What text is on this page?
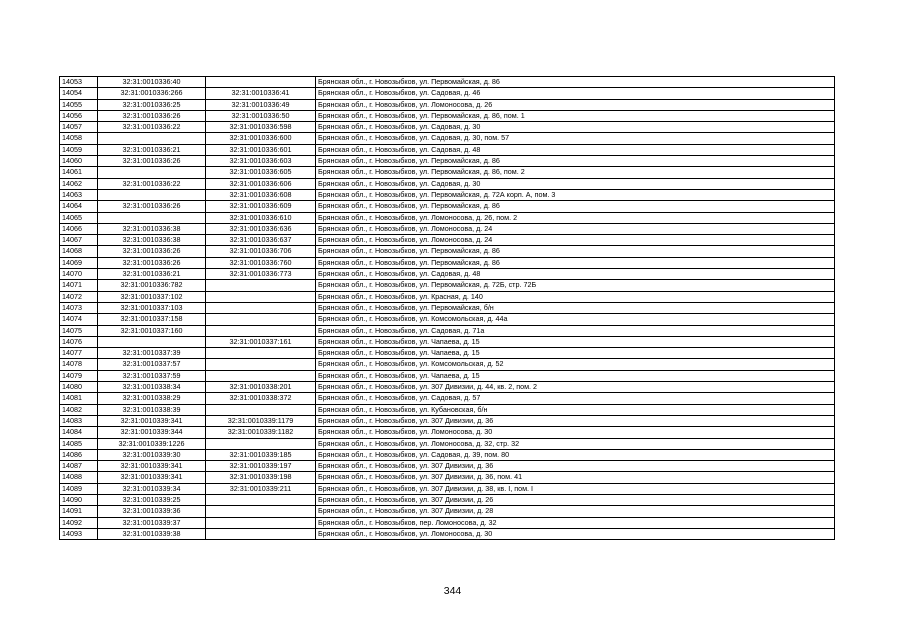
14053	32:31:0010336:40		Брянская обл., г. Новозыбков, ул. Первомайская, д. 86
14054	32:31:0010336:266	32:31:0010336:41	Брянская обл., г. Новозыбков, ул. Садовая, д. 46
14055	32:31:0010336:25	32:31:0010336:49	Брянская обл., г. Новозыбков, ул. Ломоносова, д. 26
14056	32:31:0010336:26	32:31:0010336:50	Брянская обл., г. Новозыбков, ул. Первомайская, д. 86, пом. 1
14057	32:31:0010336:22	32:31:0010336:598	Брянская обл., г. Новозыбков, ул. Садовая, д. 30
14058		32:31:0010336:600	Брянская обл., г. Новозыбков, ул. Садовая, д. 30, пом. 57
14059	32:31:0010336:21	32:31:0010336:601	Брянская обл., г. Новозыбков, ул. Садовая, д. 48
14060	32:31:0010336:26	32:31:0010336:603	Брянская обл., г. Новозыбков, ул. Первомайская, д. 86
14061		32:31:0010336:605	Брянская обл., г. Новозыбков, ул. Первомайская, д. 86, пом. 2
14062	32:31:0010336:22	32:31:0010336:606	Брянская обл., г. Новозыбков, ул. Садовая, д. 30
14063		32:31:0010336:608	Брянская обл., г. Новозыбков, ул. Первомайская, д. 72А корп. А, пом. 3
14064	32:31:0010336:26	32:31:0010336:609	Брянская обл., г. Новозыбков, ул. Первомайская, д. 86
14065		32:31:0010336:610	Брянская обл., г. Новозыбков, ул. Ломоносова, д. 26, пом. 2
14066	32:31:0010336:38	32:31:0010336:636	Брянская обл., г. Новозыбков, ул. Ломоносова, д. 24
14067	32:31:0010336:38	32:31:0010336:637	Брянская обл., г. Новозыбков, ул. Ломоносова, д. 24
14068	32:31:0010336:26	32:31:0010336:706	Брянская обл., г. Новозыбков, ул. Первомайская, д. 86
14069	32:31:0010336:26	32:31:0010336:760	Брянская обл., г. Новозыбков, ул. Первомайская, д. 86
14070	32:31:0010336:21	32:31:0010336:773	Брянская обл., г. Новозыбков, ул. Садовая, д. 48
14071	32:31:0010336:782		Брянская обл., г. Новозыбков, ул. Первомайская, д. 72Б, стр. 72Б
14072	32:31:0010337:102		Брянская обл., г. Новозыбков, ул. Красная, д. 140
14073	32:31:0010337:103		Брянская обл., г. Новозыбков, ул. Первомайская, б/н
14074	32:31:0010337:158		Брянская обл., г. Новозыбков, ул. Комсомольская, д. 44а
14075	32:31:0010337:160		Брянская обл., г. Новозыбков, ул. Садовая, д. 71а
14076		32:31:0010337:161	Брянская обл., г. Новозыбков, ул. Чапаева, д. 15
14077	32:31:0010337:39		Брянская обл., г. Новозыбков, ул. Чапаева, д. 15
14078	32:31:0010337:57		Брянская обл., г. Новозыбков, ул. Комсомольская, д. 52
14079	32:31:0010337:59		Брянская обл., г. Новозыбков, ул. Чапаева, д. 15
14080	32:31:0010338:34	32:31:0010338:201	Брянская обл., г. Новозыбков, ул. 307 Дивизии, д. 44, кв. 2, пом. 2
14081	32:31:0010338:29	32:31:0010338:372	Брянская обл., г. Новозыбков, ул. Садовая, д. 57
14082	32:31:0010338:39		Брянская обл., г. Новозыбков, ул. Кубановская, б/н
14083	32:31:0010339:341	32:31:0010339:1179	Брянская обл., г. Новозыбков, ул. 307 Дивизии, д. 36
14084	32:31:0010339:344	32:31:0010339:1182	Брянская обл., г. Новозыбков, ул. Ломоносова, д. 30
14085	32:31:0010339:1226		Брянская обл., г. Новозыбков, ул. Ломоносова, д. 32, стр. 32
14086	32:31:0010339:30	32:31:0010339:185	Брянская обл., г. Новозыбков, ул. Садовая, д. 39, пом. 80
14087	32:31:0010339:341	32:31:0010339:197	Брянская обл., г. Новозыбков, ул. 307 Дивизии, д. 36
14088	32:31:0010339:341	32:31:0010339:198	Брянская обл., г. Новозыбков, ул. 307 Дивизии, д. 36, пом. 41
14089	32:31:0010339:34	32:31:0010339:211	Брянская обл., г. Новозыбков, ул. 307 Дивизии, д. 38, кв. I, пом. I
14090	32:31:0010339:25		Брянская обл., г. Новозыбков, ул. 307 Дивизии, д. 26
14091	32:31:0010339:36		Брянская обл., г. Новозыбков, ул. 307 Дивизии, д. 28
14092	32:31:0010339:37		Брянская обл., г. Новозыбков, пер. Ломоносова, д. 32
14093	32:31:0010339:38		Брянская обл., г. Новозыбков, ул. Ломоносова, д. 30
344
